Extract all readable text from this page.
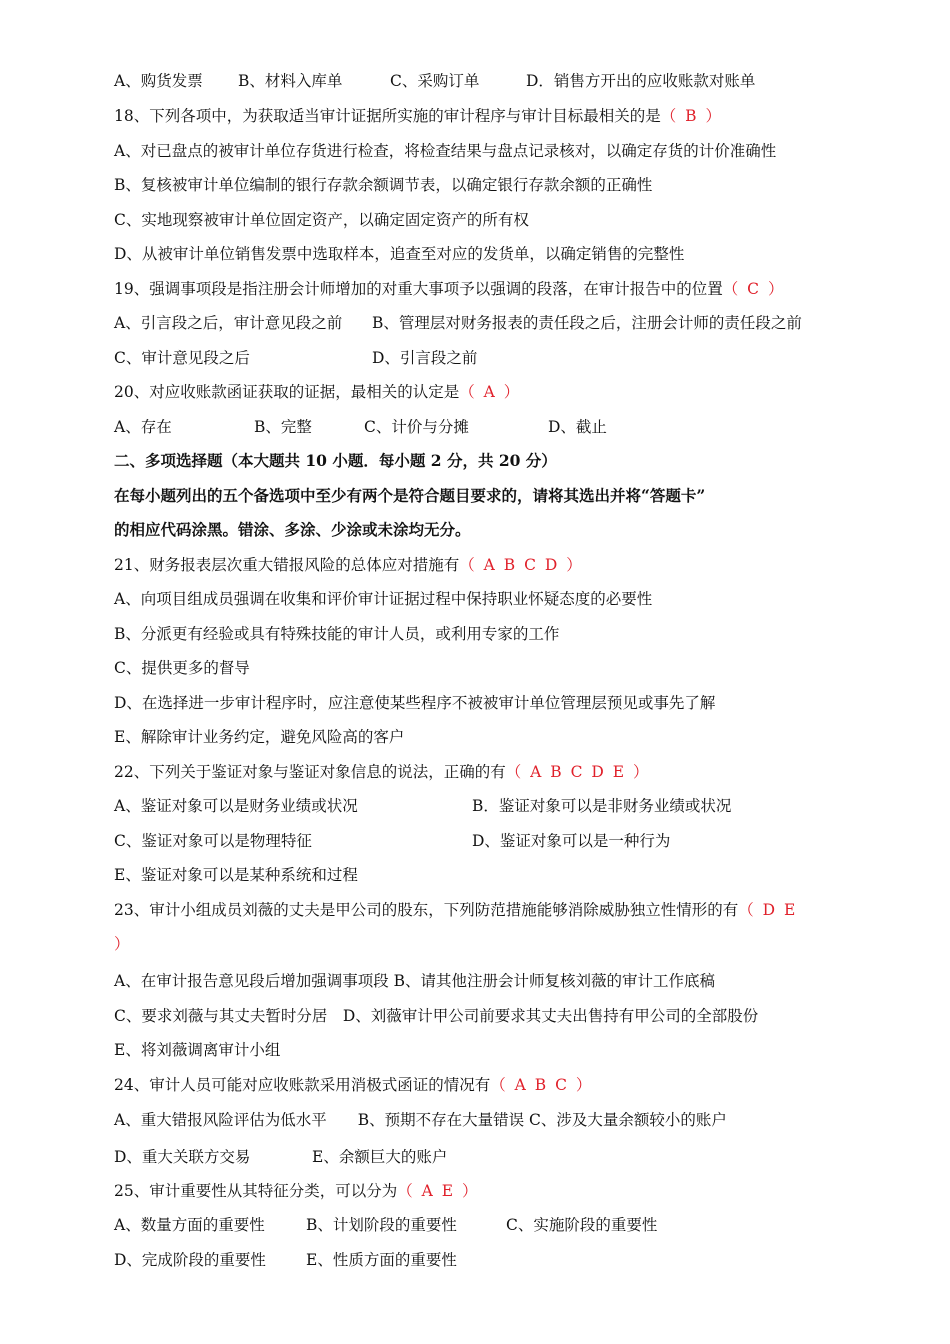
A、购货发票 B、材料入库单	C、采购订单	D．销售方开出的应收账款对账单
18、下列各项中，为获取适当审计证据所实施的审计程序与审计目标最相关的是（ B ）
A、对已盘点的被审计单位存货进行检查，将检查结果与盘点记录核对，以确定存货的计价准确性
B、复核被审计单位编制的银行存款余额调节表，以确定银行存款余额的正确性
C、实地现察被审计单位固定资产，以确定固定资产的所有权
D、从被审计单位销售发票中选取样本，追查至对应的发货单，以确定销售的完整性
19、强调事项段是指注册会计师增加的对重大事项予以强调的段落，在审计报告中的位置（ C ）
A、引言段之后，审计意见段之前 B、管理层对财务报表的责任段之后，注册会计师的责任段之前
C、审计意见段之后	D、引言段之前
20、对应收账款函证获取的证据，最相关的认定是（ A ）
A、存在	B、完整	C、计价与分摊	D、截止
二、多项选择题（本大题共 10 小题．每小题 2 分，共 20 分）
在每小题列出的五个备选项中至少有两个是符合题目要求的，请将其选出并将“答题卡”
的相应代码涂黑。错涂、多涂、少涂或未涂均无分。
21、财务报表层次重大错报风险的总体应对措施有（ A B C D ）
A、向项目组成员强调在收集和评价审计证据过程中保持职业怀疑态度的必要性
B、分派更有经验或具有特殊技能的审计人员，或利用专家的工作
C、提供更多的督导
D、在选择进一步审计程序时，应注意使某些程序不被被审计单位管理层预见或事先了解
E、解除审计业务约定，避免风险高的客户
22、下列关于鉴证对象与鉴证对象信息的说法，正确的有（ A B C D E ）
A、鉴证对象可以是财务业绩或状况	B．鉴证对象可以是非财务业绩或状况
C、鉴证对象可以是物理特征	D、鉴证对象可以是一种行为
E、鉴证对象可以是某种系统和过程
23、审计小组成员刘薇的丈夫是甲公司的股东，下列防范措施能够消除威胁独立性情形的有（ D E
）
A、在审计报告意见段后增加强调事项段 B、请其他注册会计师复核刘薇的审计工作底稿
C、要求刘薇与其丈夫暂时分居　D、刘薇审计甲公司前要求其丈夫出售持有甲公司的全部股份
E、将刘薇调离审计小组
24、审计人员可能对应收账款采用消极式函证的情况有（ A B C ）
A、重大错报风险评估为低水平　　B、预期不存在大量错误 C、涉及大量余额较小的账户
D、重大关联方交易	E、余额巨大的账户
25、审计重要性从其特征分类，可以分为（ A E ）
A、数量方面的重要性	B、计划阶段的重要性	C、实施阶段的重要性
D、完成阶段的重要性	E、性质方面的重要性
